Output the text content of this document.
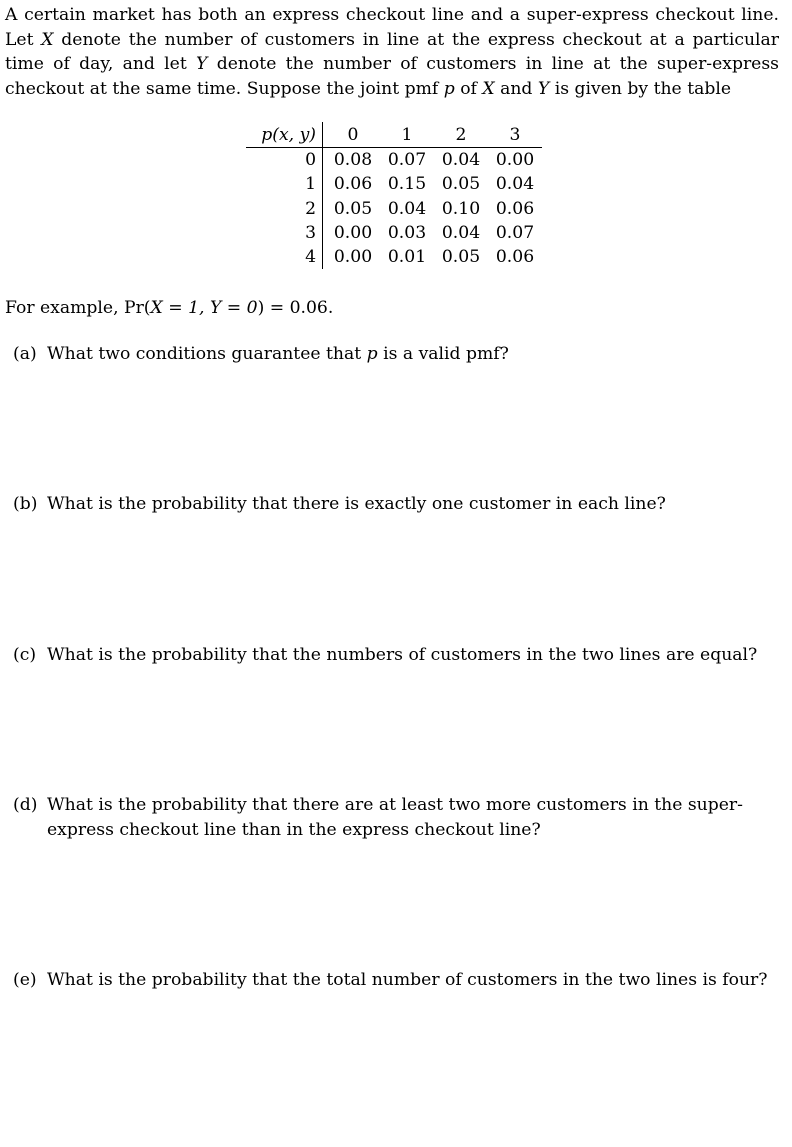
A certain market has both an express checkout line and a super-express checkout line. Let X denote the number of customers in line at the express checkout at a particular time of day, and let Y denote the number of customers in line at the super-express checkout at the same time. Suppose the joint pmf p of X and Y is given by the table

p(x, y)	0	1	2	3
0	0.08	0.07	0.04	0.00
1	0.06	0.15	0.05	0.04
2	0.05	0.04	0.10	0.06
3	0.00	0.03	0.04	0.07
4	0.00	0.01	0.05	0.06

For example, Pr(X = 1, Y = 0) = 0.06.

(a) What two conditions guarantee that p is a valid pmf?
(b) What is the probability that there is exactly one customer in each line?
(c) What is the probability that the numbers of customers in the two lines are equal?
(d) What is the probability that there are at least two more customers in the super-express checkout line than in the express checkout line?
(e) What is the probability that the total number of customers in the two lines is four?
